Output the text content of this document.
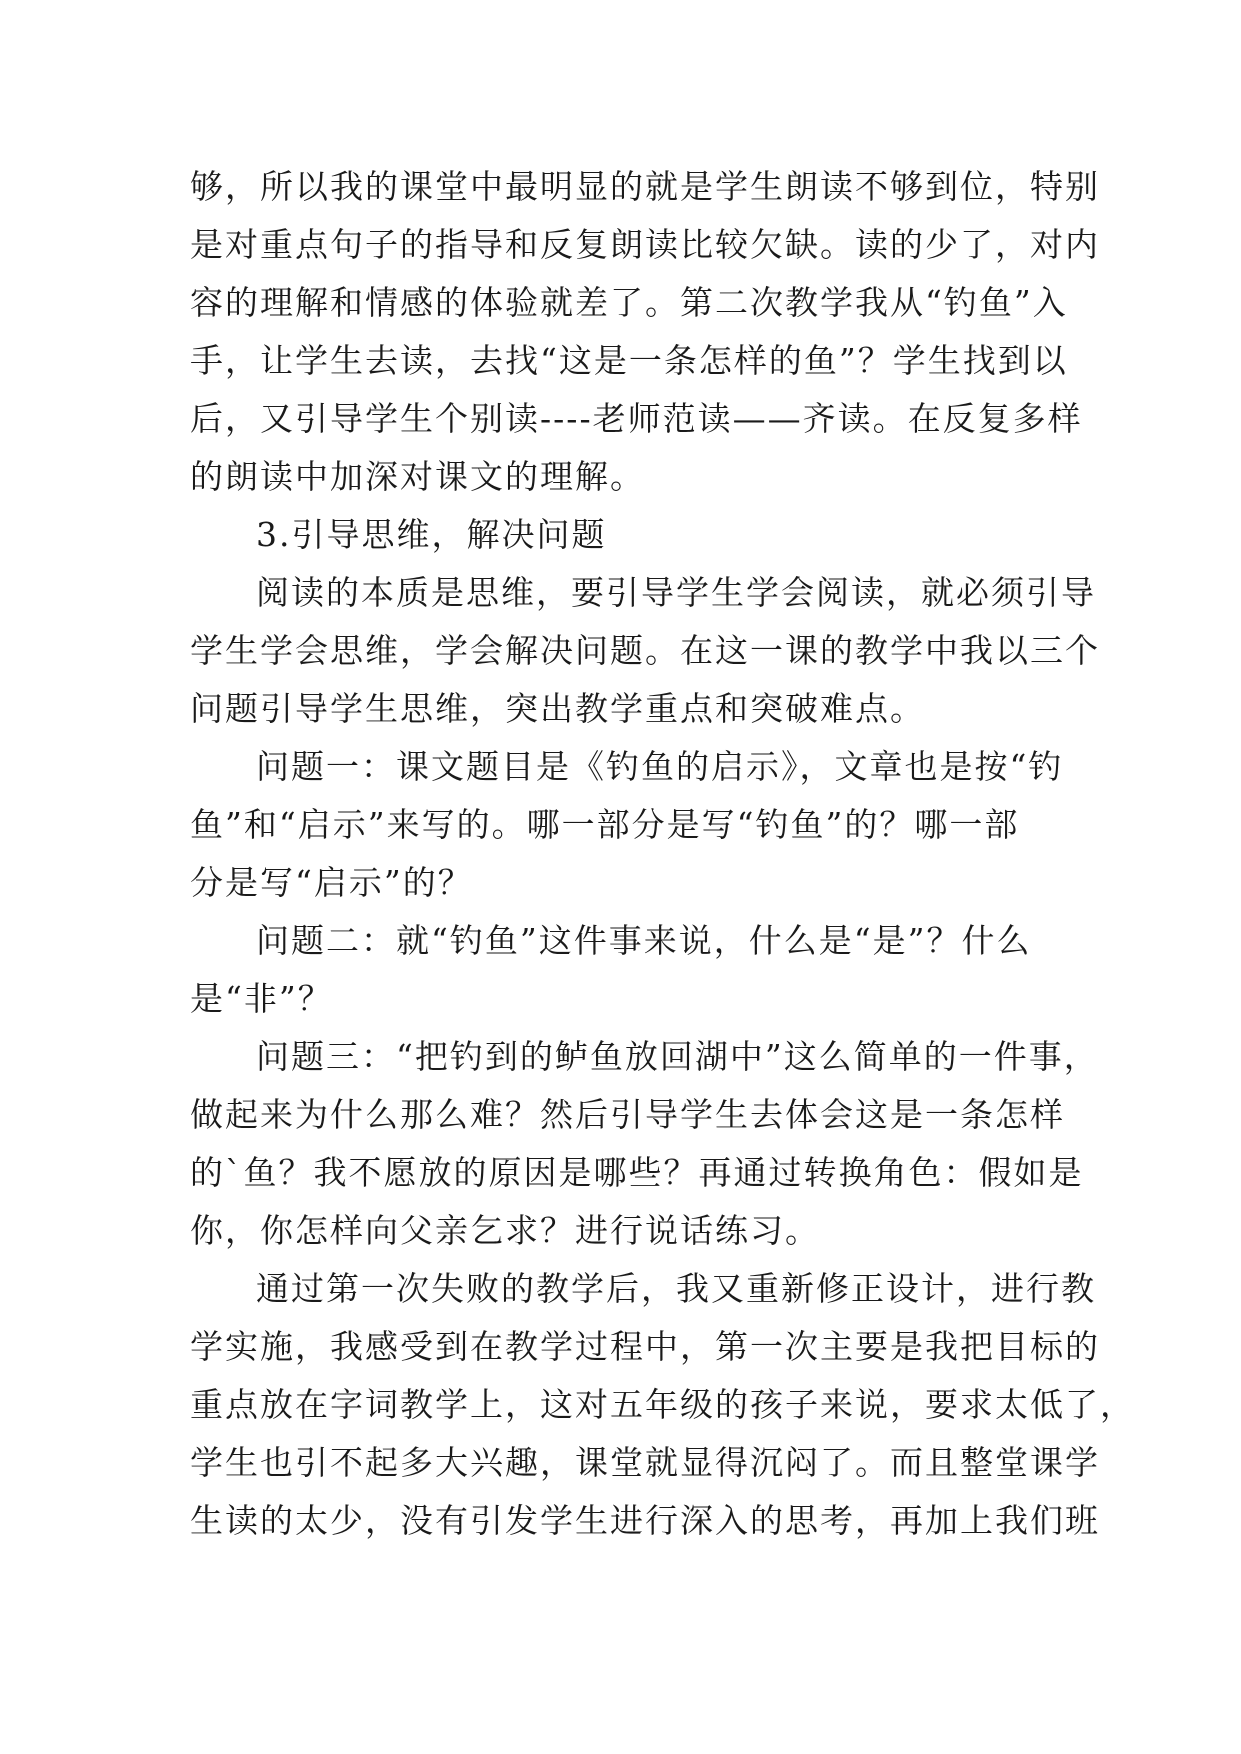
够，所以我的课堂中最明显的就是学生朗读不够到位，特别
是对重点句子的指导和反复朗读比较欠缺。读的少了，对内
容的理解和情感的体验就差了。第二次教学我从“钓鱼”入
手，让学生去读，去找“这是一条怎样的鱼”？学生找到以
后，又引导学生个别读----老师范读——齐读。在反复多样
的朗读中加深对课文的理解。
3.引导思维，解决问题
阅读的本质是思维，要引导学生学会阅读，就必须引导
学生学会思维，学会解决问题。在这一课的教学中我以三个
问题引导学生思维，突出教学重点和突破难点。
问题一：课文题目是《钓鱼的启示》，文章也是按“钓
鱼”和“启示”来写的。哪一部分是写“钓鱼”的？哪一部
分是写“启示”的？
问题二：就“钓鱼”这件事来说，什么是“是”？什么
是“非”？
问题三：“把钓到的鲈鱼放回湖中”这么简单的一件事，
做起来为什么那么难？然后引导学生去体会这是一条怎样
的`鱼？我不愿放的原因是哪些？再通过转换角色：假如是
你，你怎样向父亲乞求？进行说话练习。
通过第一次失败的教学后，我又重新修正设计，进行教
学实施，我感受到在教学过程中，第一次主要是我把目标的
重点放在字词教学上，这对五年级的孩子来说，要求太低了，
学生也引不起多大兴趣，课堂就显得沉闷了。而且整堂课学
生读的太少，没有引发学生进行深入的思考，再加上我们班
